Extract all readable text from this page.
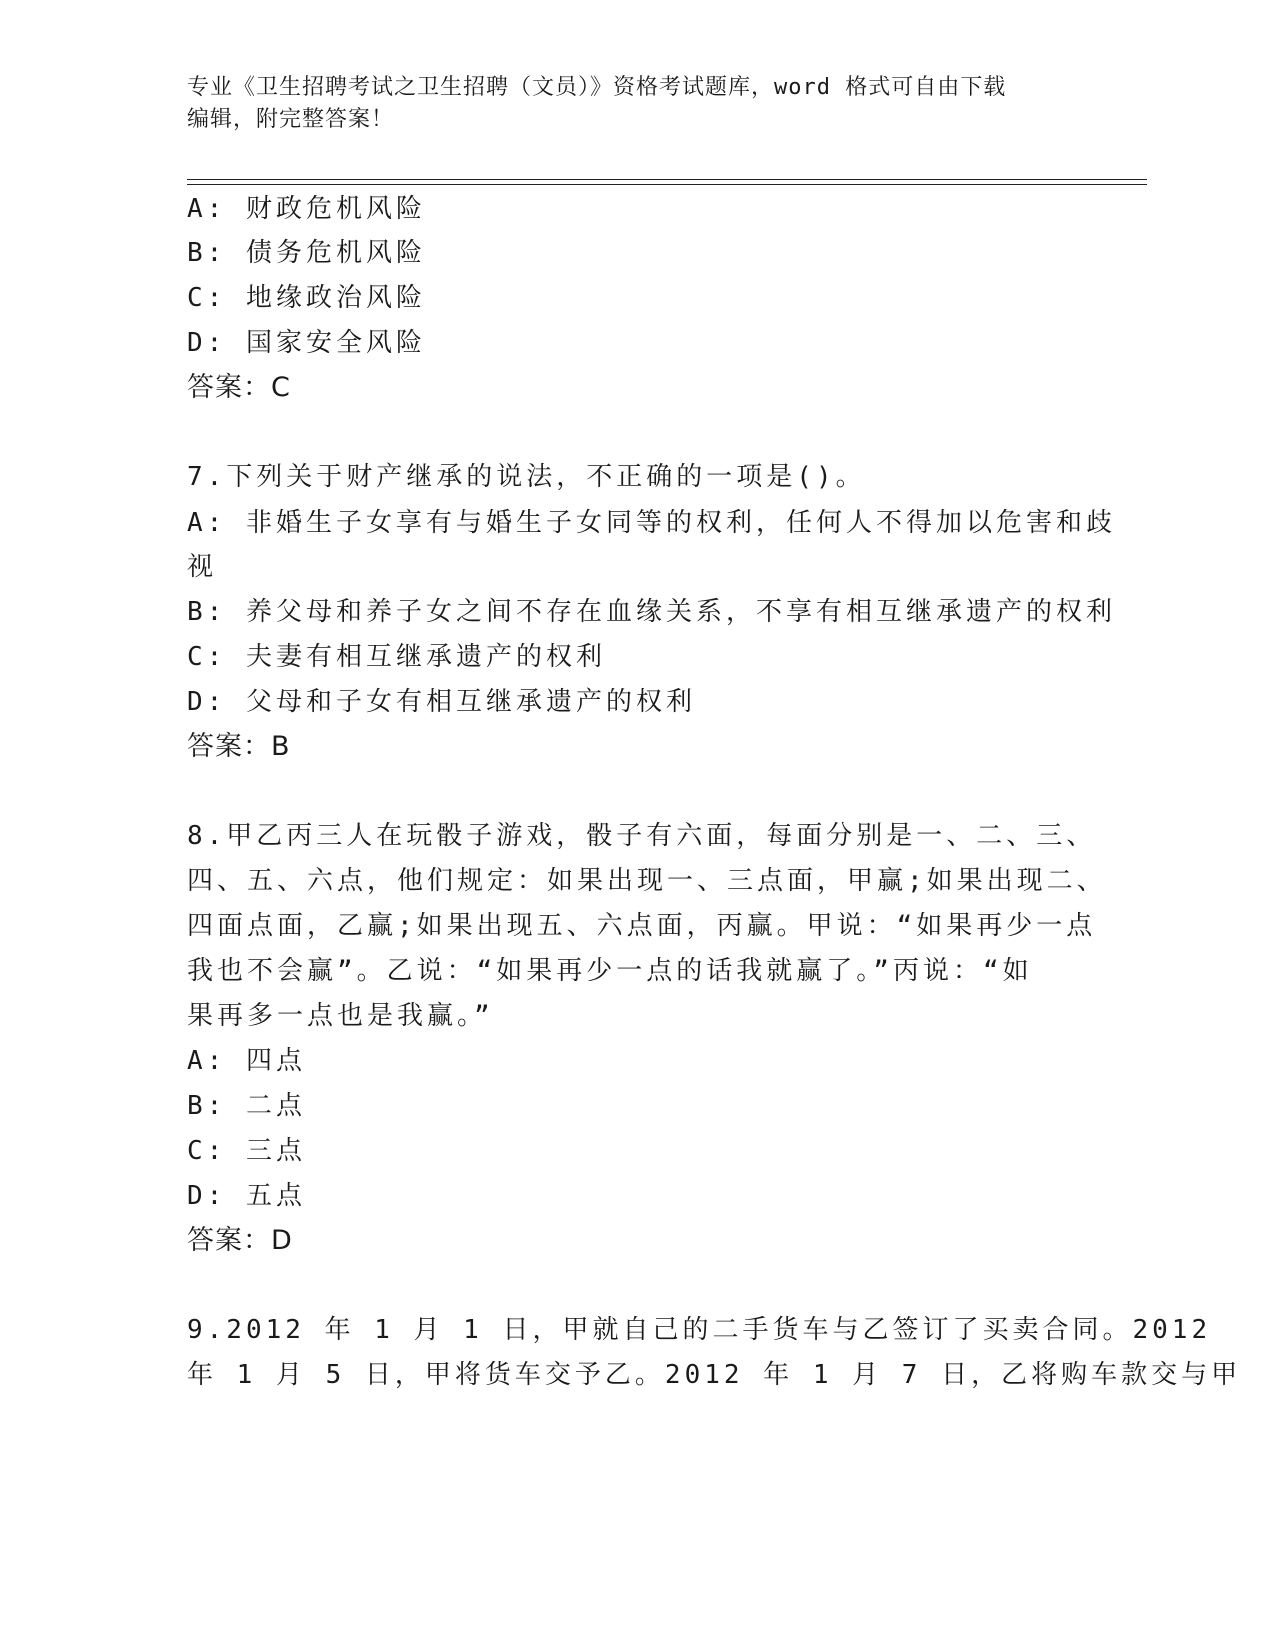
专业《卫生招聘考试之卫生招聘（文员）》资格考试题库，word 格式可自由下载
编辑，附完整答案！
A: 财政危机风险
B: 债务危机风险
C: 地缘政治风险
D: 国家安全风险
答案：C
7.下列关于财产继承的说法，不正确的一项是()。
A: 非婚生子女享有与婚生子女同等的权利，任何人不得加以危害和歧
视
B: 养父母和养子女之间不存在血缘关系，不享有相互继承遗产的权利
C: 夫妻有相互继承遗产的权利
D: 父母和子女有相互继承遗产的权利
答案：B
8.甲乙丙三人在玩骰子游戏，骰子有六面，每面分别是一、二、三、
四、五、六点，他们规定：如果出现一、三点面，甲赢;如果出现二、
四面点面，乙赢;如果出现五、六点面，丙赢。甲说：“如果再少一点
我也不会赢”。乙说：“如果再少一点的话我就赢了。”丙说：“如
果再多一点也是我赢。”
A: 四点
B: 二点
C: 三点
D: 五点
答案：D
9.2012 年 1 月 1 日，甲就自己的二手货车与乙签订了买卖合同。2012
年 1 月 5 日，甲将货车交予乙。2012 年 1 月 7 日，乙将购车款交与甲
